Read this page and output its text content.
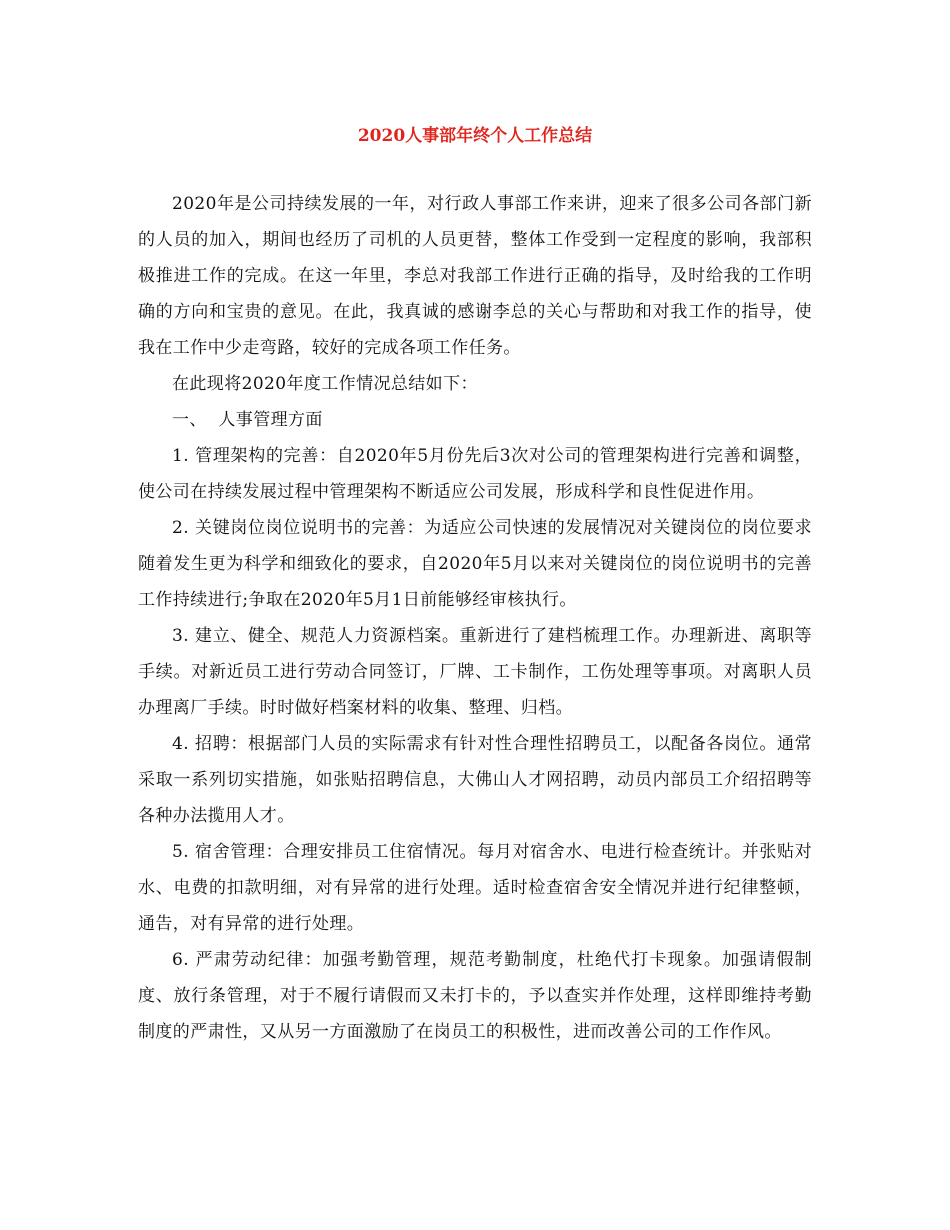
2020人事部年终个人工作总结

2020年是公司持续发展的一年，对行政人事部工作来讲，迎来了很多公司各部门新的人员的加入，期间也经历了司机的人员更替，整体工作受到一定程度的影响，我部积极推进工作的完成。在这一年里，李总对我部工作进行正确的指导，及时给我的工作明确的方向和宝贵的意见。在此，我真诚的感谢李总的关心与帮助和对我工作的指导，使我在工作中少走弯路，较好的完成各项工作任务。

在此现将2020年度工作情况总结如下：

一、  人事管理方面

1. 管理架构的完善：自2020年5月份先后3次对公司的管理架构进行完善和调整，使公司在持续发展过程中管理架构不断适应公司发展，形成科学和良性促进作用。

2. 关键岗位岗位说明书的完善：为适应公司快速的发展情况对关键岗位的岗位要求随着发生更为科学和细致化的要求，自2020年5月以来对关键岗位的岗位说明书的完善工作持续进行;争取在2020年5月1日前能够经审核执行。

3. 建立、健全、规范人力资源档案。重新进行了建档梳理工作。办理新进、离职等手续。对新近员工进行劳动合同签订，厂牌、工卡制作，工伤处理等事项。对离职人员办理离厂手续。时时做好档案材料的收集、整理、归档。

4. 招聘：根据部门人员的实际需求有针对性合理性招聘员工，以配备各岗位。通常采取一系列切实措施，如张贴招聘信息，大佛山人才网招聘，动员内部员工介绍招聘等各种办法揽用人才。

5. 宿舍管理：合理安排员工住宿情况。每月对宿舍水、电进行检查统计。并张贴对水、电费的扣款明细，对有异常的进行处理。适时检查宿舍安全情况并进行纪律整顿，通告，对有异常的进行处理。

6. 严肃劳动纪律：加强考勤管理，规范考勤制度，杜绝代打卡现象。加强请假制度、放行条管理，对于不履行请假而又未打卡的，予以查实并作处理，这样即维持考勤制度的严肃性，又从另一方面激励了在岗员工的积极性，进而改善公司的工作作风。
